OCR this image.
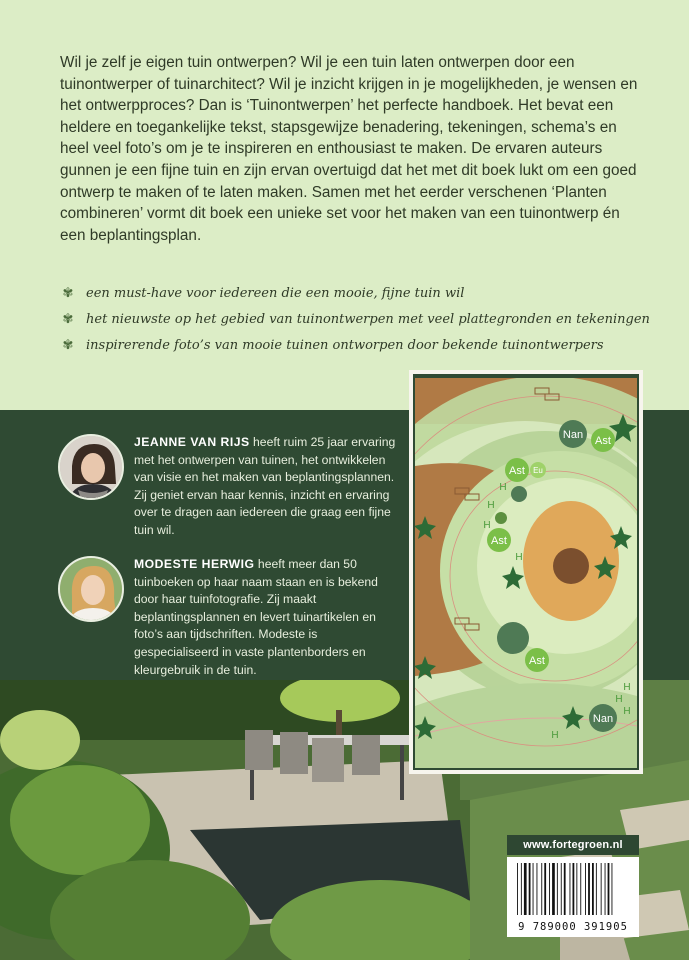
Wil je zelf je eigen tuin ontwerpen? Wil je een tuin laten ontwerpen door een tuinontwerper of tuinarchitect? Wil je inzicht krijgen in je mogelijkheden, je wensen en het ontwerpproces? Dan is ‘Tuinontwerpen’ het perfecte handboek. Het bevat een heldere en toegankelijke tekst, stapsgewijze benadering, tekeningen, schema’s en heel veel foto’s om je te inspireren en enthousiast te maken. De ervaren auteurs gunnen je een fijne tuin en zijn ervan overtuigd dat het met dit boek lukt om een goed ontwerp te maken of te laten maken. Samen met het eerder verschenen ‘Planten combineren’ vormt dit boek een unieke set voor het maken van een tuinontwerp én een beplantingsplan.

✾ een must-have voor iedereen die een mooie, fijne tuin wil
✾ het nieuwste op het gebied van tuinontwerpen met veel plattegronden en tekeningen
✾ inspirerende foto’s van mooie tuinen ontworpen door bekende tuinontwerpers

JEANNE VAN RIJS heeft ruim 25 jaar ervaring met het ontwerpen van tuinen, het ontwikkelen van visie en het maken van beplantingsplannen. Zij geniet ervan haar kennis, inzicht en ervaring over te dragen aan iedereen die graag een fijne tuin wil.

MODESTE HERWIG heeft meer dan 50 tuinboeken op haar naam staan en is bekend door haar tuinfotografie. Zij maakt beplantingsplannen en levert tuinartikelen en foto’s aan tijdschriften. Modeste is gespecialiseerd in vaste plantenborders en kleurgebruik in de tuin.

Nan Ast
Ast Eu
Ast
Ast
Nan
H
H
H
H
H
H
H
H
www.fortegroen.nl
9 789000 391905
